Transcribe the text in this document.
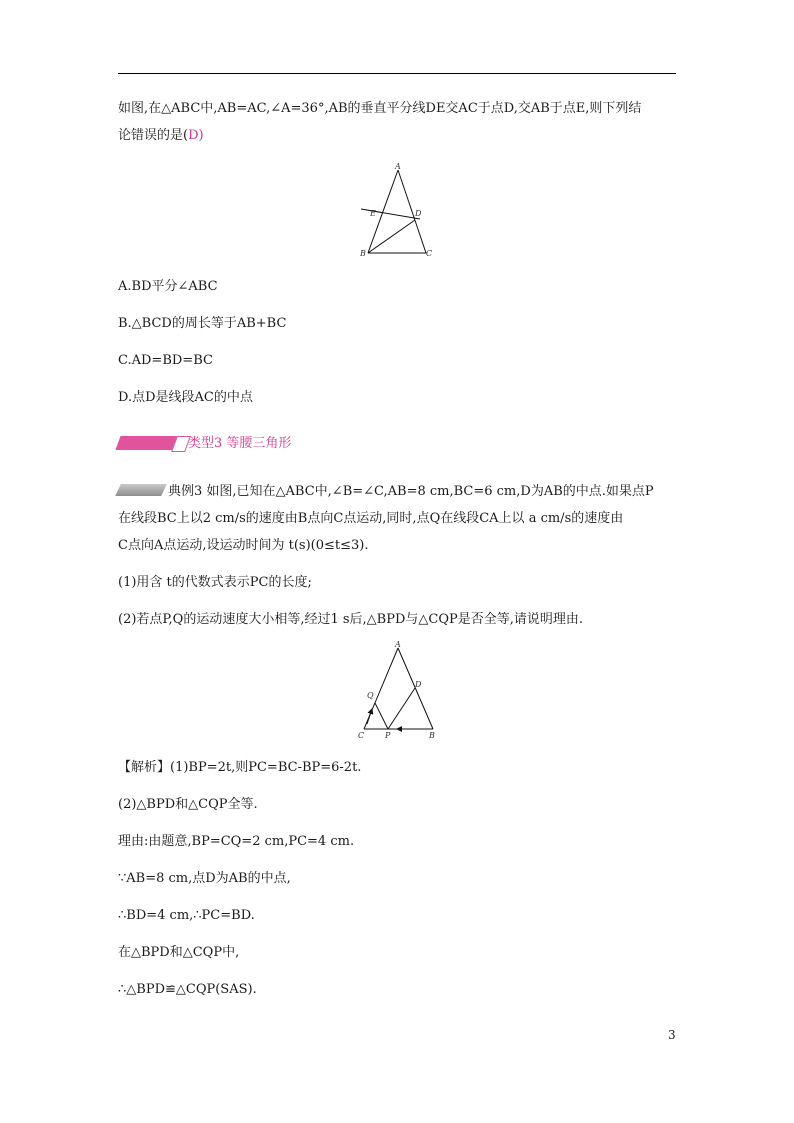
如图,在△ABC中,AB=AC,∠A=36°,AB的垂直平分线DE交AC于点D,交AB于点E,则下列结

论错误的是(D)

A
E	D
B	C

A.BD平分∠ABC

B.△BCD的周长等于AB+BC

C.AD=BD=BC

D.点D是线段AC的中点

类型3 等腰三角形

典例3 如图,已知在△ABC中,∠B=∠C,AB=8 cm,BC=6 cm,D为AB的中点.如果点P

在线段BC上以2 cm/s的速度由B点向C点运动,同时,点Q在线段CA上以 a cm/s的速度由

C点向A点运动,设运动时间为 t(s)(0≤t≤3).

(1)用含 t的代数式表示PC的长度;

(2)若点P,Q的运动速度大小相等,经过1 s后,△BPD与△CQP是否全等,请说明理由.

A
Q
D
C	P	B

【解析】(1)BP=2t,则PC=BC-BP=6-2t.

(2)△BPD和△CQP全等.

理由:由题意,BP=CQ=2 cm,PC=4 cm.

∵AB=8 cm,点D为AB的中点,

∴BD=4 cm,∴PC=BD.

在△BPD和△CQP中,

∴△BPD≌△CQP(SAS).

3
